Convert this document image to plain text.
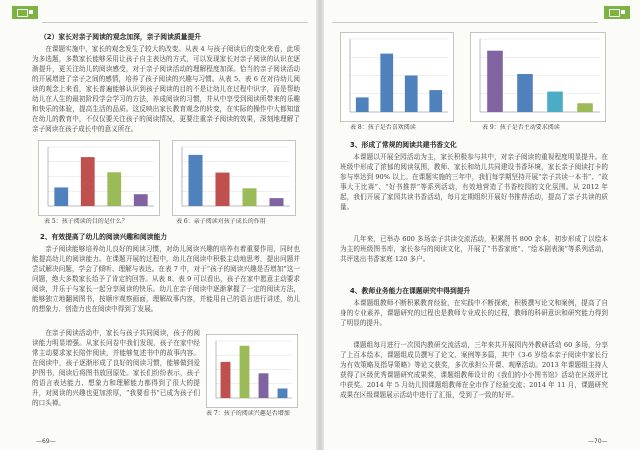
（2）家长对亲子阅读的观念加深，亲子阅读质量提升
在课题实施中，家长的观念发生了较大的改变。从表 4 与孩子阅读后的变化来看，此项为多选题，多数家长能够采用让孩子自主表达的方式，可以发现家长对亲子阅读的认识在逐渐提升，更关注幼儿的阅读感受，对于亲子阅读活动的理解程度加深。恰当的亲子阅读活动的开展增进了亲子之间的感情，培养了孩子阅读的兴趣与习惯。从表 5、表 6 在对待幼儿阅读的观念上来看，家长普遍能够认识到孩子阅读的目的不是让幼儿在过程中识字，而是帮助幼儿在人生的最初阶段学会学习的方法，养成阅读的习惯，并从中享受到阅读所带来的乐趣和快乐的体验，提高生活的品质。这反映出家长教育观念的转变，在实际的操作中大都知道在幼儿的教育中，不仅仅要关注孩子的阅读情况，更要注重亲子阅读的效果，深刻地理解了亲子阅读在孩子成长中的意义所在。
表 5：孩子阅读的目的是什么？	表 6：亲子阅读对孩子成长的作用
2、有效提高了幼儿的阅读兴趣和阅读能力
亲子阅读能够培养幼儿良好的阅读习惯，对幼儿阅读兴趣的培养有着重要作用，同时也能提高幼儿的阅读能力。在课题开展的过程中，幼儿在阅读中积极主动地思考，提出问题并尝试解决问题，学会了倾听、理解与表达。在表 7 中，对于“孩子的阅读兴趣是否增加”这一问题，绝大多数家长给予了肯定的回答。从表 8、表 9 可以看出，孩子在家中愿意主动要求阅读，并乐于与家长一起分享阅读的快乐。幼儿在亲子阅读中逐渐掌握了一定的阅读方法，能够独立地翻阅图书，按顺序观察画面，理解故事内容，并能用自己的语言进行讲述，幼儿的想象力、创造力也在阅读中得到了发展。
在亲子阅读活动中，家长与孩子共同阅读，孩子的阅读能力明显增强。从家长问卷中我们发现，孩子在家中经常主动要求家长陪伴阅读，并能够复述书中的故事内容。在阅读中，孩子逐渐形成了良好的阅读习惯，能够做到爱护图书，阅读后将图书放回原处。家长们纷纷表示，孩子的语言表达能力、想象力和理解能力都得到了很大的提升，对阅读的兴趣也更加浓厚，“我要看书”已成为孩子们的口头禅。
表 7：孩子的阅读兴趣是否增加
—69—
表 8：孩子是否喜欢阅读	表 9：孩子是否主动要求阅读
3、形成了常规的阅读共建书香文化
本课题以开展全园活动为主，家长积极参与其中，对亲子阅读的重视程度明显提升。在班级中形成了浓郁的阅读氛围，教师、家长和幼儿共同建设书香环境，家长亲子阅读打卡的参与率达到 90% 以上。在课题实施的三年中，我们每学期坚持开展“亲子共读一本书”、“故事大王比赛”、“好书推荐”等系列活动，有效地营造了书香校园的文化氛围。从 2012 年起，我们开展了家园共读书香活动，每月定期组织开展好书推荐活动，提高了亲子共读的质量。
几年来，已举办 600 多场亲子共读交流活动，积累图书 800 余本，初步形成了以绘本为主的班级图书库，家长参与的阅读文化，开展了“书香家庭”、“绘本剧表演”等系列活动，共评选出书香家庭 120 多户。
4、教师业务能力在课题研究中得到提升
本课题组教师不断积累教育经验，在实践中不断探索，积极撰写论文和案例，提高了自身的专业素养，课题研究的过程也是教师专业成长的过程，教师的科研意识和研究能力得到了明显的提升。
课题组每月进行一次园内教研交流活动，三年来共开展园内外教研活动 60 多场，分享了上百本绘本，课题组成员撰写了论文、案例等多篇，其中《3-6 岁绘本亲子阅读中家长行为有效策略及指导策略》等论文获奖，多次承担公开课、观摩活动。2013 年课题组主持人获得了区级优秀课题研究成果奖，课题组教师设计的《我们的小小图书馆》活动在区级评比中获奖。2014 年 5 月幼儿园课题组教师在全市作了经验交流；2014 年 11 月，课题研究成果在区级课题展示活动中进行了汇报，受到了一致的好评。
—70—
